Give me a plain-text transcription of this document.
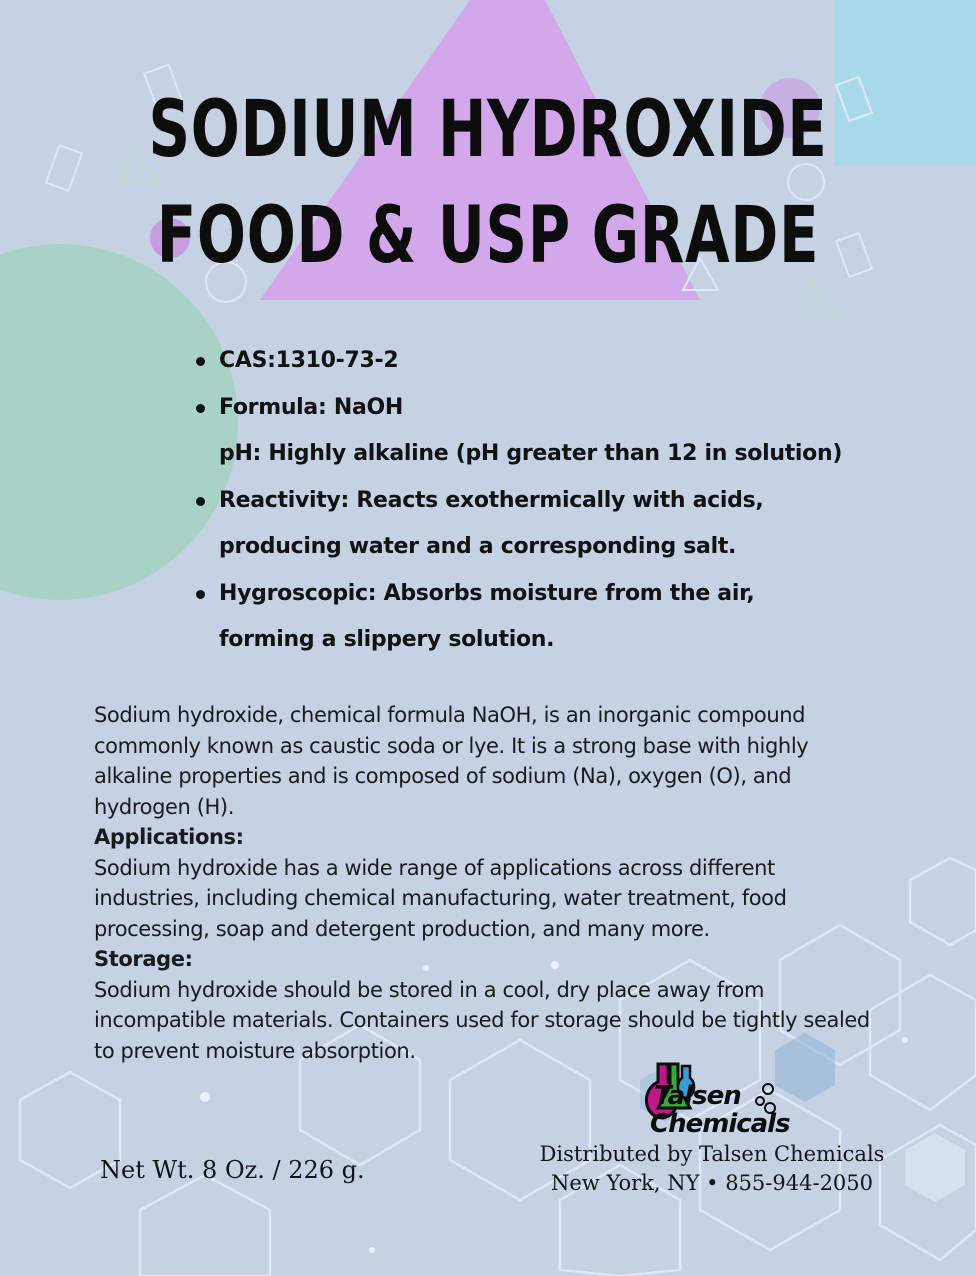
SODIUM HYDROXIDE
FOOD & USP GRADE
CAS:1310-73-2
Formula: NaOH
pH: Highly alkaline (pH greater than 12 in solution)
Reactivity: Reacts exothermically with acids,
producing water and a corresponding salt.
Hygroscopic: Absorbs moisture from the air,
forming a slippery solution.

Sodium hydroxide, chemical formula NaOH, is an inorganic compound commonly known as caustic soda or lye. It is a strong base with highly alkaline properties and is composed of sodium (Na), oxygen (O), and hydrogen (H).

Applications:

Sodium hydroxide has a wide range of applications across different industries, including chemical manufacturing, water treatment, food processing, soap and detergent production, and many more.

Storage:

Sodium hydroxide should be stored in a cool, dry place away from incompatible materials. Containers used for storage should be tightly sealed to prevent moisture absorption.

Net Wt. 8 Oz. / 226 g.
Talsen
Chemicals
Distributed by Talsen Chemicals
New York, NY • 855-944-2050
